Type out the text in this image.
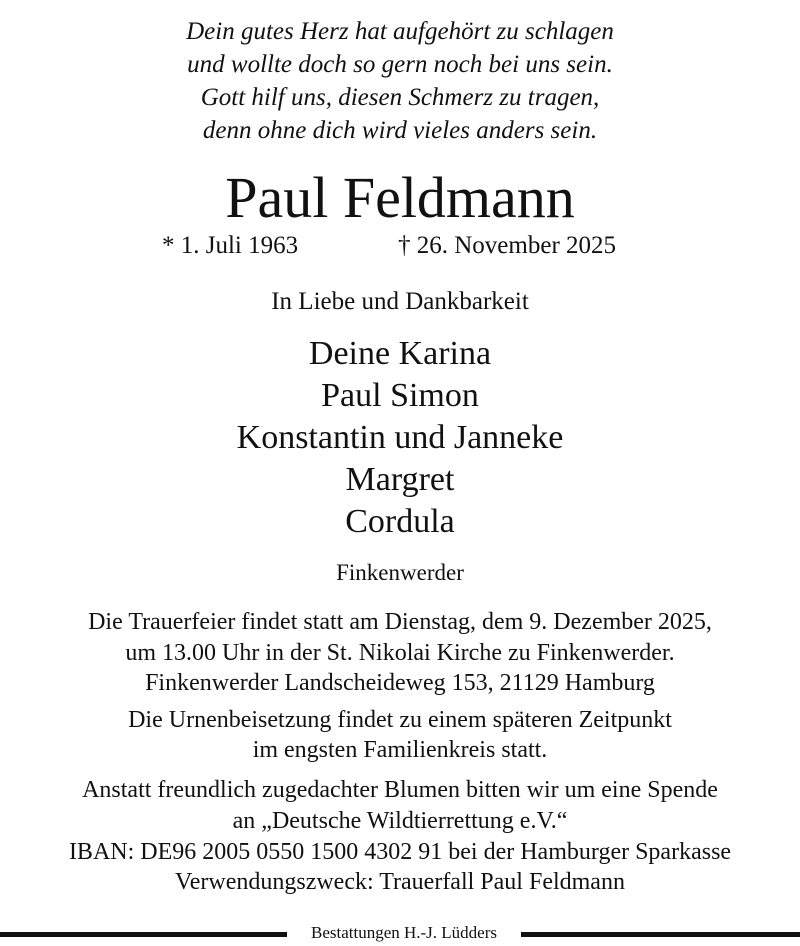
Dein gutes Herz hat aufgehört zu schlagen
und wollte doch so gern noch bei uns sein.
Gott hilf uns, diesen Schmerz zu tragen,
denn ohne dich wird vieles anders sein.
Paul Feldmann
* 1. Juli 1963	† 26. November 2025
In Liebe und Dankbarkeit
Deine Karina
Paul Simon
Konstantin und Janneke
Margret
Cordula
Finkenwerder
Die Trauerfeier findet statt am Dienstag, dem 9. Dezember 2025,
um 13.00 Uhr in der St. Nikolai Kirche zu Finkenwerder.
Finkenwerder Landscheideweg 153, 21129 Hamburg
Die Urnenbeisetzung findet zu einem späteren Zeitpunkt
im engsten Familienkreis statt.
Anstatt freundlich zugedachter Blumen bitten wir um eine Spende
an „Deutsche Wildtierrettung e.V.“
IBAN: DE96 2005 0550 1500 4302 91 bei der Hamburger Sparkasse
Verwendungszweck: Trauerfall Paul Feldmann
Bestattungen H.-J. Lüdders
